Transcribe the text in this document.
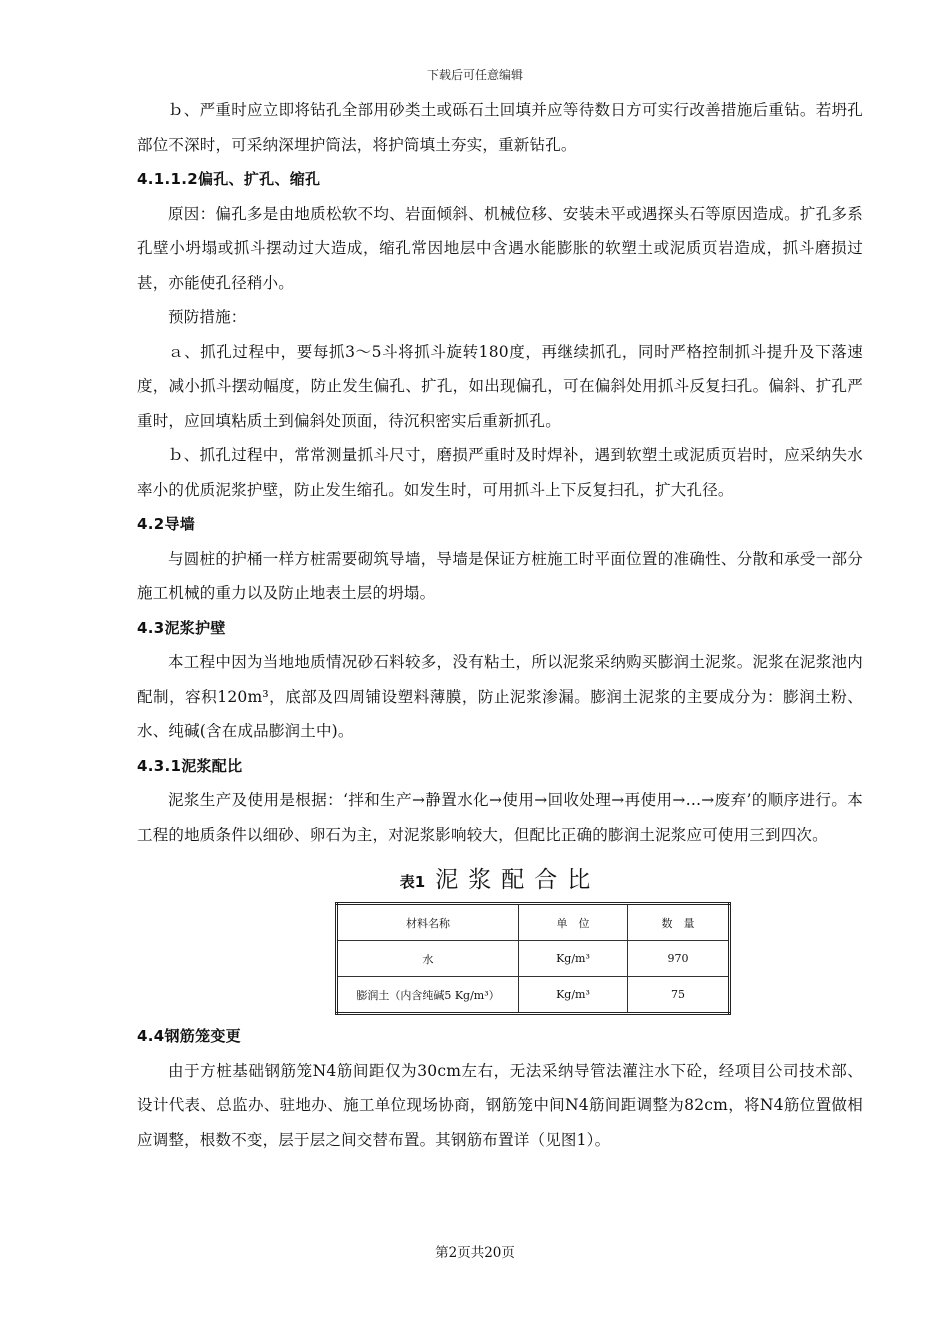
下载后可任意编辑

ｂ、严重时应立即将钻孔全部用砂类土或砾石土回填并应等待数日方可实行改善措施后重钻。若坍孔部位不深时，可采纳深埋护筒法，将护筒填土夯实，重新钻孔。

4.1.1.2偏孔、扩孔、缩孔

原因：偏孔多是由地质松软不均、岩面倾斜、机械位移、安装未平或遇探头石等原因造成。扩孔多系孔壁小坍塌或抓斗摆动过大造成，缩孔常因地层中含遇水能膨胀的软塑土或泥质页岩造成，抓斗磨损过甚，亦能使孔径稍小。

预防措施：

ａ、抓孔过程中，要每抓3～5斗将抓斗旋转180度，再继续抓孔，同时严格控制抓斗提升及下落速度，减小抓斗摆动幅度，防止发生偏孔、扩孔，如出现偏孔，可在偏斜处用抓斗反复扫孔。偏斜、扩孔严重时，应回填粘质土到偏斜处顶面，待沉积密实后重新抓孔。

ｂ、抓孔过程中，常常测量抓斗尺寸，磨损严重时及时焊补，遇到软塑土或泥质页岩时，应采纳失水率小的优质泥浆护壁，防止发生缩孔。如发生时，可用抓斗上下反复扫孔，扩大孔径。

4.2导墙

与圆桩的护桶一样方桩需要砌筑导墙，导墙是保证方桩施工时平面位置的准确性、分散和承受一部分施工机械的重力以及防止地表土层的坍塌。

4.3泥浆护壁

本工程中因为当地地质情况砂石料较多，没有粘土，所以泥浆采纳购买膨润土泥浆。泥浆在泥浆池内配制，容积120m³，底部及四周铺设塑料薄膜，防止泥浆渗漏。膨润土泥浆的主要成分为：膨润土粉、水、纯碱(含在成品膨润土中)。

4.3.1泥浆配比

泥浆生产及使用是根据：‘拌和生产→静置水化→使用→回收处理→再使用→…→废弃’的顺序进行。本工程的地质条件以细砂、卵石为主，对泥浆影响较大，但配比正确的膨润土泥浆应可使用三到四次。

表1 泥浆配合比
材料名称	单　位	数　量
水	Kg/m³	970
膨润土（内含纯碱5 Kg/m³）	Kg/m³	75
4.4钢筋笼变更

由于方桩基础钢筋笼N4筋间距仅为30cm左右，无法采纳导管法灌注水下砼，经项目公司技术部、设计代表、总监办、驻地办、施工单位现场协商，钢筋笼中间N4筋间距调整为82cm，将N4筋位置做相应调整，根数不变，层于层之间交替布置。其钢筋布置详（见图1）。

第2页共20页
